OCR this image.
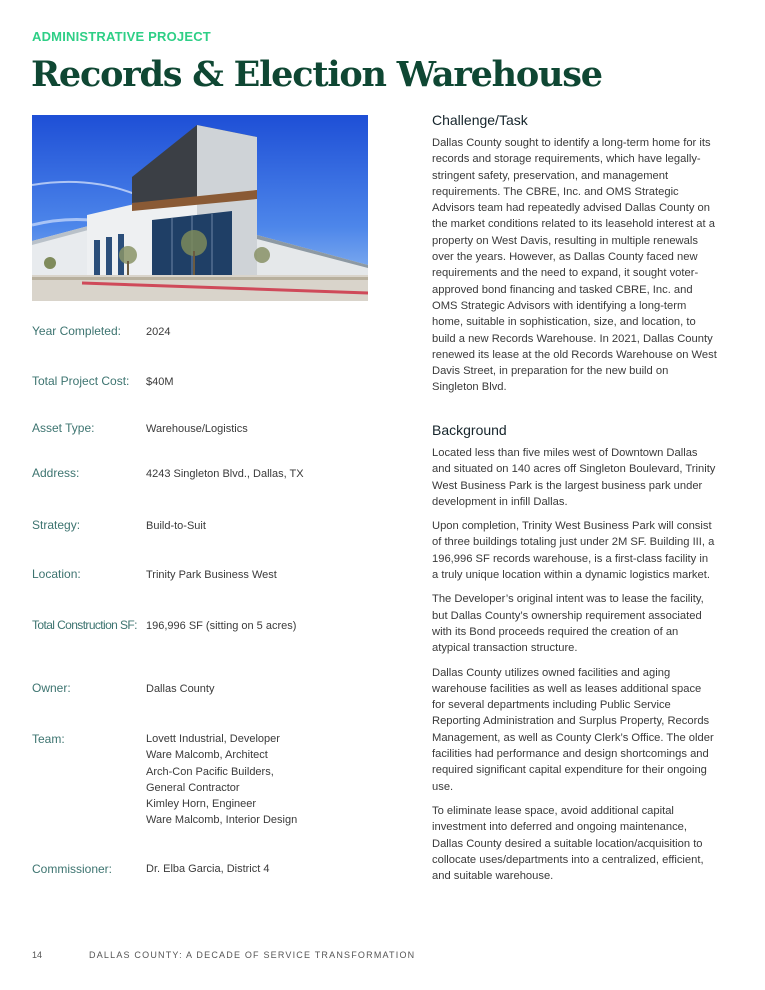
ADMINISTRATIVE PROJECT
Records & Election Warehouse
Year Completed: 2024
Total Project Cost: $40M
Asset Type:	Warehouse/Logistics
Address:	4243 Singleton Blvd., Dallas, TX
Strategy:	Build-to-Suit
Location:	Trinity Park Business West
Total Construction SF: 196,996 SF (sitting on 5 acres)
Owner:	Dallas County
Team:	Lovett Industrial, Developer
Ware Malcomb, Architect
Arch-Con Pacific Builders,
General Contractor
Kimley Horn, Engineer
Ware Malcomb, Interior Design
Commissioner:	Dr. Elba Garcia, District 4
Challenge/Task

Dallas County sought to identify a long-term home for its records and storage requirements, which have legally-stringent safety, preservation, and management requirements. The CBRE, Inc. and OMS Strategic Advisors team had repeatedly advised Dallas County on the market conditions related to its leasehold interest at a property on West Davis, resulting in multiple renewals over the years. However, as Dallas County faced new requirements and the need to expand, it sought voter-approved bond financing and tasked CBRE, Inc. and OMS Strategic Advisors with identifying a long-term home, suitable in sophistication, size, and location, to build a new Records Warehouse. In 2021, Dallas County renewed its lease at the old Records Warehouse on West Davis Street, in preparation for the new build on Singleton Blvd.

Background

Located less than five miles west of Downtown Dallas and situated on 140 acres off Singleton Boulevard, Trinity West Business Park is the largest business park under development in infill Dallas.

Upon completion, Trinity West Business Park will consist of three buildings totaling just under 2M SF. Building III, a 196,996 SF records warehouse, is a first-class facility in a truly unique location within a dynamic logistics market.

The Developer’s original intent was to lease the facility, but Dallas County’s ownership requirement associated with its Bond proceeds required the creation of an atypical transaction structure.

Dallas County utilizes owned facilities and aging warehouse facilities as well as leases additional space for several departments including Public Service Reporting Administration and Surplus Property, Records Management, as well as County Clerk’s Office. The older facilities had performance and design shortcomings and required significant capital expenditure for their ongoing use.

To eliminate lease space, avoid additional capital investment into deferred and ongoing maintenance, Dallas County desired a suitable location/acquisition to collocate uses/departments into a centralized, efficient, and suitable warehouse.

14	DALLAS COUNTY: A DECADE OF SERVICE TRANSFORMATION
